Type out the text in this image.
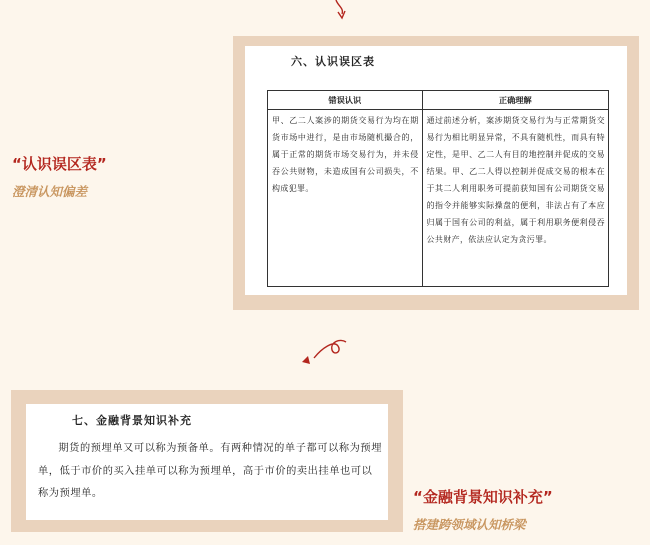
六、认识误区表
错误认识	正确理解
甲、乙二人案涉的期货交易行为均在期货市场中进行，是由市场随机撮合的，属于正常的期货市场交易行为，并未侵吞公共财物，未造成国有公司损失，不构成犯罪。	通过前述分析，案涉期货交易行为与正常期货交易行为相比明显异常，不具有随机性，而具有特定性，是甲、乙二人有目的地控制并促成的交易结果。甲、乙二人得以控制并促成交易的根本在于其二人利用职务可提前获知国有公司期货交易的指令并能够实际操盘的便利，非法占有了本应归属于国有公司的利益，属于利用职务便利侵吞公共财产，依法应认定为贪污罪。
“认识误区表”
澄清认知偏差
七、金融背景知识补充

期货的预埋单又可以称为预备单。有两种情况的单子都可以称为预埋单，低于市价的买入挂单可以称为预埋单，高于市价的卖出挂单也可以称为预埋单。	“金融背景知识补充”
搭建跨领域认知桥梁
